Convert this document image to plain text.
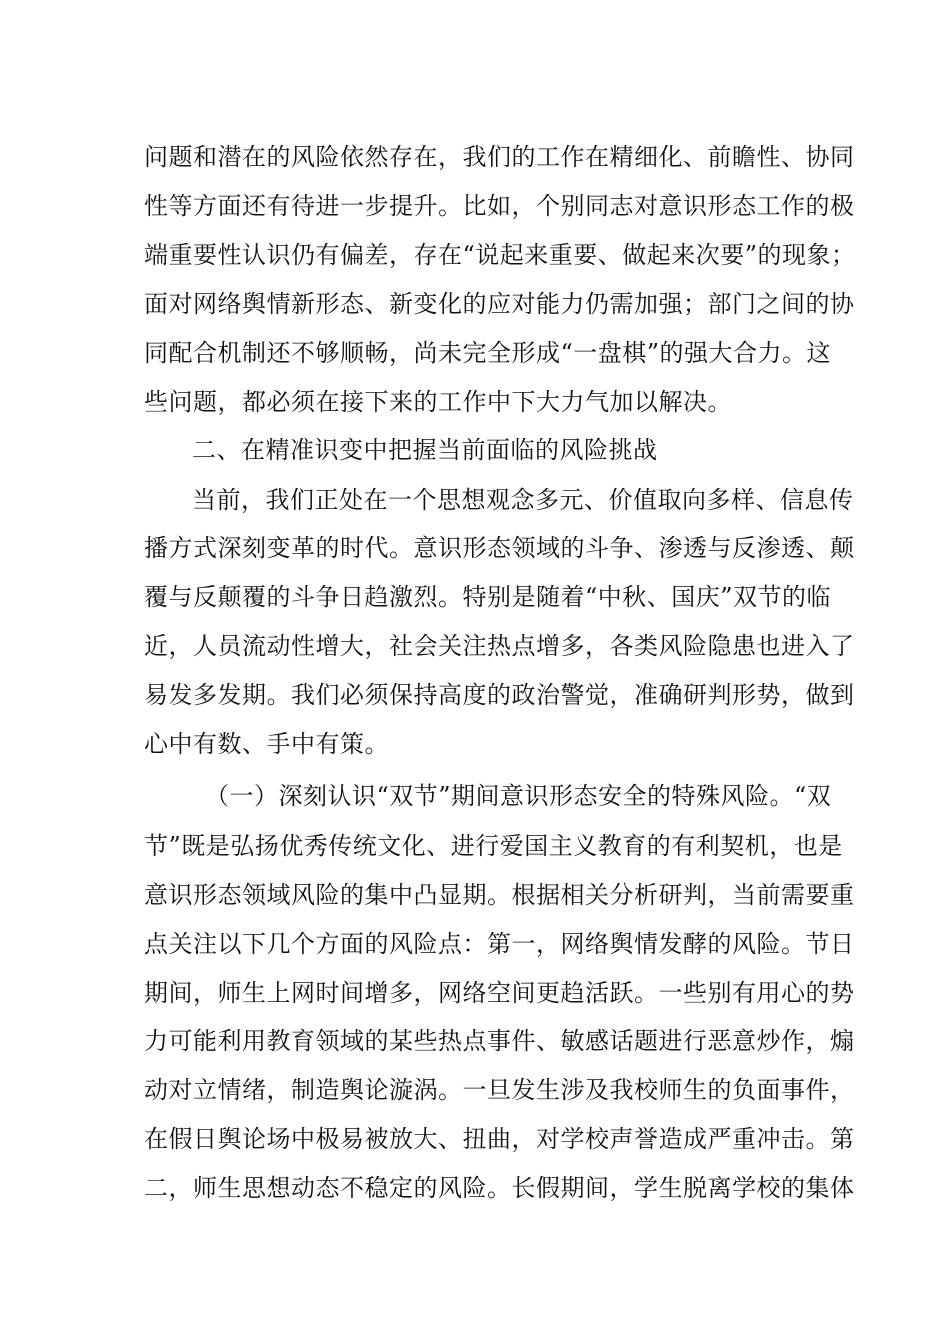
问题和潜在的风险依然存在，我们的工作在精细化、前瞻性、协同
性等方面还有待进一步提升。比如，个别同志对意识形态工作的极
端重要性认识仍有偏差，存在“说起来重要、做起来次要”的现象；
面对网络舆情新形态、新变化的应对能力仍需加强；部门之间的协
同配合机制还不够顺畅，尚未完全形成“一盘棋”的强大合力。这
些问题，都必须在接下来的工作中下大力气加以解决。
二、在精准识变中把握当前面临的风险挑战
当前，我们正处在一个思想观念多元、价值取向多样、信息传
播方式深刻变革的时代。意识形态领域的斗争、渗透与反渗透、颠
覆与反颠覆的斗争日趋激烈。特别是随着“中秋、国庆”双节的临
近，人员流动性增大，社会关注热点增多，各类风险隐患也进入了
易发多发期。我们必须保持高度的政治警觉，准确研判形势，做到
心中有数、手中有策。
（一）深刻认识“双节”期间意识形态安全的特殊风险。“双
节”既是弘扬优秀传统文化、进行爱国主义教育的有利契机，也是
意识形态领域风险的集中凸显期。根据相关分析研判，当前需要重
点关注以下几个方面的风险点：第一，网络舆情发酵的风险。节日
期间，师生上网时间增多，网络空间更趋活跃。一些别有用心的势
力可能利用教育领域的某些热点事件、敏感话题进行恶意炒作，煽
动对立情绪，制造舆论漩涡。一旦发生涉及我校师生的负面事件，
在假日舆论场中极易被放大、扭曲，对学校声誉造成严重冲击。第
二，师生思想动态不稳定的风险。长假期间，学生脱离学校的集体
